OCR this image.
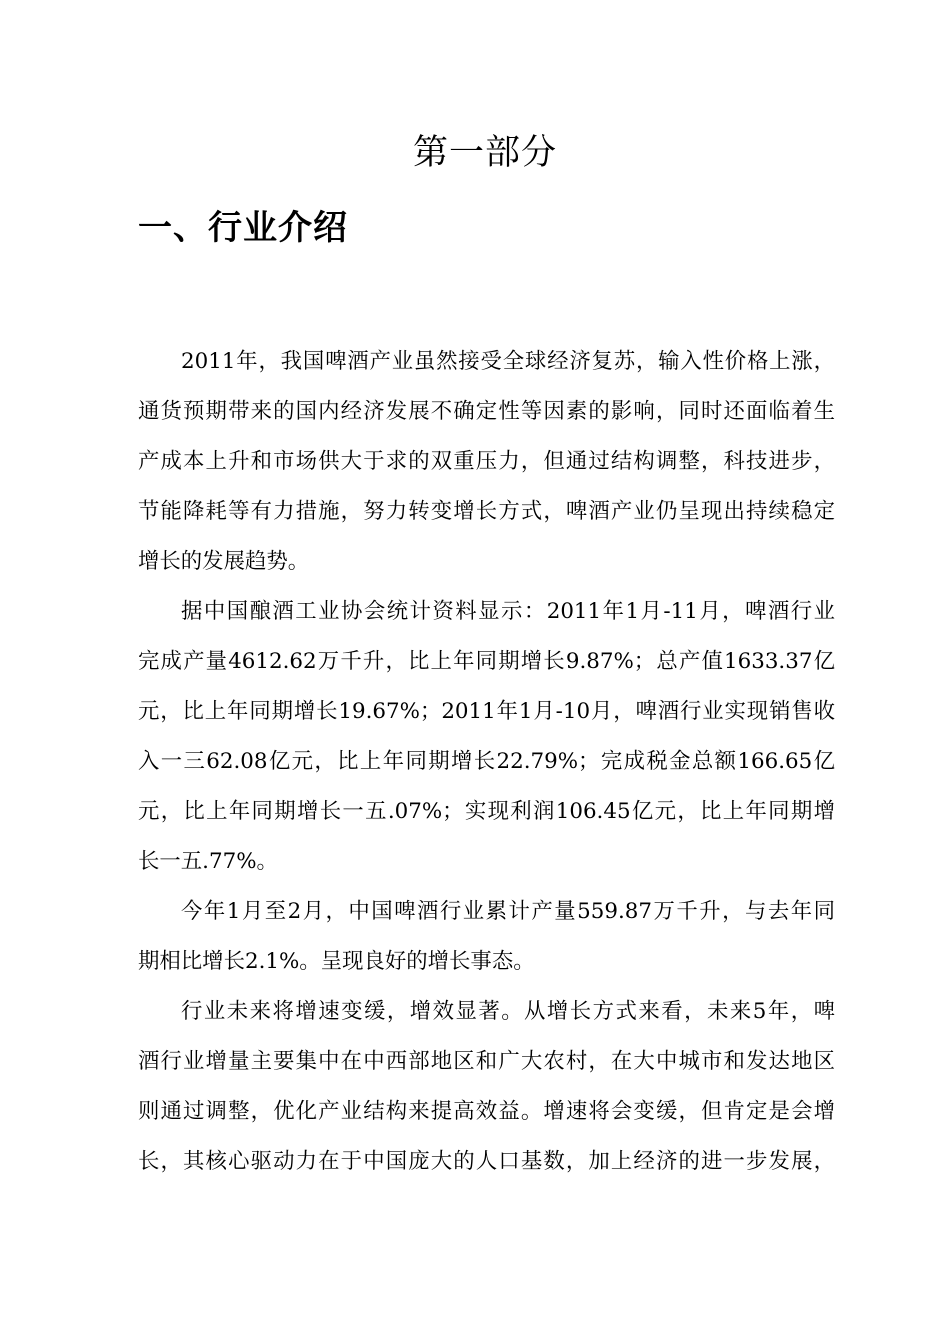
第一部分
一、行业介绍

2011年，我国啤酒产业虽然接受全球经济复苏，输入性价格上涨，
通货预期带来的国内经济发展不确定性等因素的影响，同时还面临着生
产成本上升和市场供大于求的双重压力，但通过结构调整，科技进步，
节能降耗等有力措施，努力转变增长方式，啤酒产业仍呈现出持续稳定
增长的发展趋势。

据中国酿酒工业协会统计资料显示：2011年1月-11月，啤酒行业
完成产量4612.62万千升，比上年同期增长9.87%；总产值1633.37亿
元，比上年同期增长19.67%；2011年1月-10月，啤酒行业实现销售收
入一三62.08亿元，比上年同期增长22.79%；完成税金总额166.65亿
元，比上年同期增长一五.07%；实现利润106.45亿元，比上年同期增
长一五.77%。

今年1月至2月，中国啤酒行业累计产量559.87万千升，与去年同
期相比增长2.1%。呈现良好的增长事态。

行业未来将增速变缓，增效显著。从增长方式来看，未来5年，啤
酒行业增量主要集中在中西部地区和广大农村，在大中城市和发达地区
则通过调整，优化产业结构来提高效益。增速将会变缓，但肯定是会增
长，其核心驱动力在于中国庞大的人口基数，加上经济的进一步发展，
